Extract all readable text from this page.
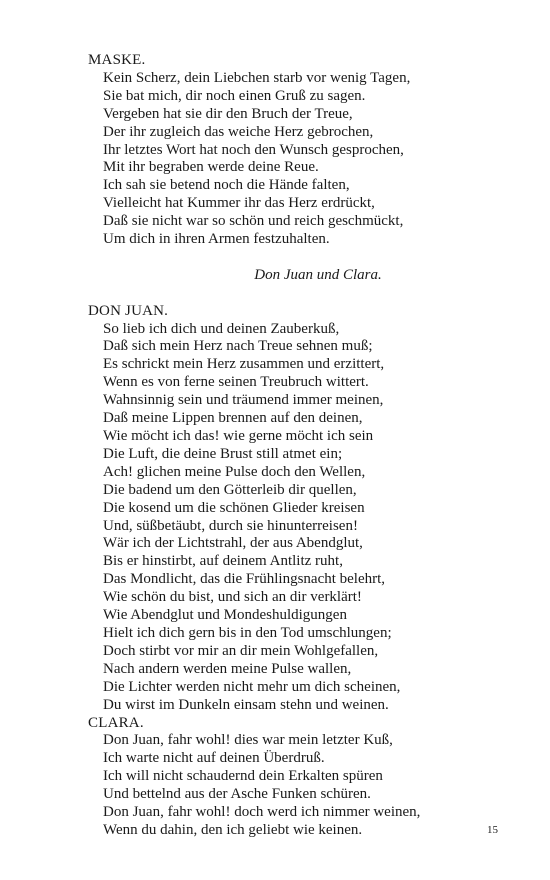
MASKE.

Kein Scherz, dein Liebchen starb vor wenig Tagen,

Sie bat mich, dir noch einen Gruß zu sagen.

Vergeben hat sie dir den Bruch der Treue,

Der ihr zugleich das weiche Herz gebrochen,

Ihr letztes Wort hat noch den Wunsch gesprochen,

Mit ihr begraben werde deine Reue.

Ich sah sie betend noch die Hände falten,

Vielleicht hat Kummer ihr das Herz erdrückt,

Daß sie nicht war so schön und reich geschmückt,

Um dich in ihren Armen festzuhalten.

Don Juan und Clara.

DON JUAN.

So lieb ich dich und deinen Zauberkuß,

Daß sich mein Herz nach Treue sehnen muß;

Es schrickt mein Herz zusammen und erzittert,

Wenn es von ferne seinen Treubruch wittert.

Wahnsinnig sein und träumend immer meinen,

Daß meine Lippen brennen auf den deinen,

Wie möcht ich das! wie gerne möcht ich sein

Die Luft, die deine Brust still atmet ein;

Ach! glichen meine Pulse doch den Wellen,

Die badend um den Götterleib dir quellen,

Die kosend um die schönen Glieder kreisen

Und, süßbetäubt, durch sie hinunterreisen!

Wär ich der Lichtstrahl, der aus Abendglut,

Bis er hinstirbt, auf deinem Antlitz ruht,

Das Mondlicht, das die Frühlingsnacht belehrt,

Wie schön du bist, und sich an dir verklärt!

Wie Abendglut und Mondeshuldigungen

Hielt ich dich gern bis in den Tod umschlungen;

Doch stirbt vor mir an dir mein Wohlgefallen,

Nach andern werden meine Pulse wallen,

Die Lichter werden nicht mehr um dich scheinen,

Du wirst im Dunkeln einsam stehn und weinen.

CLARA.

Don Juan, fahr wohl! dies war mein letzter Kuß,

Ich warte nicht auf deinen Überdruß.

Ich will nicht schaudernd dein Erkalten spüren

Und bettelnd aus der Asche Funken schüren.

Don Juan, fahr wohl! doch werd ich nimmer weinen,

Wenn du dahin, den ich geliebt wie keinen.	15
